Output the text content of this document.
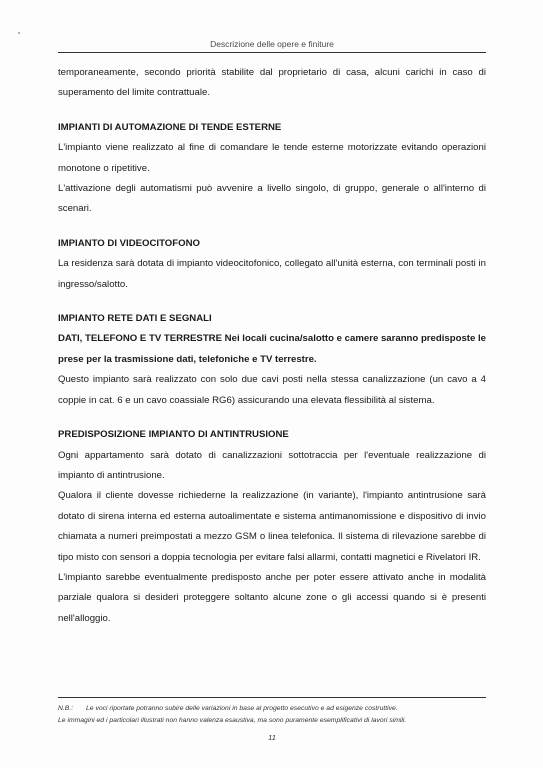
Descrizione delle opere e finiture

temporaneamente, secondo priorità stabilite dal proprietario di casa, alcuni carichi in caso di superamento del limite contrattuale.

IMPIANTI DI AUTOMAZIONE DI TENDE ESTERNE

L'impianto viene realizzato al fine di comandare le tende esterne motorizzate evitando operazioni monotone o ripetitive.

L'attivazione degli automatismi può avvenire a livello singolo, di gruppo, generale o all'interno di scenari.

IMPIANTO DI VIDEOCITOFONO

La residenza sarà dotata di impianto videocitofonico, collegato all'unità esterna, con terminali posti in ingresso/salotto.

IMPIANTO RETE DATI E SEGNALI

DATI, TELEFONO E TV TERRESTRE Nei locali cucina/salotto e camere saranno predisposte le prese per la trasmissione dati, telefoniche e TV terrestre.

Questo impianto sarà realizzato con solo due cavi posti nella stessa canalizzazione (un cavo a 4 coppie in cat. 6 e un cavo coassiale RG6) assicurando una elevata flessibilità al sistema.

PREDISPOSIZIONE IMPIANTO DI ANTINTRUSIONE

Ogni appartamento sarà dotato di canalizzazioni sottotraccia per l'eventuale realizzazione di impianto di antintrusione.

Qualora il cliente dovesse richiederne la realizzazione (in variante), l'impianto antintrusione sarà dotato di sirena interna ed esterna autoalimentate e sistema antimanomissione e dispositivo di invio chiamata a numeri preimpostati a mezzo GSM o linea telefonica. Il sistema di rilevazione sarebbe di tipo misto con sensori a doppia tecnologia per evitare falsi allarmi, contatti magnetici e Rivelatori IR.

L'impianto sarebbe eventualmente predisposto anche per poter essere attivato anche in modalità parziale qualora si desideri proteggere soltanto alcune zone o gli accessi quando si è presenti nell'alloggio.

N.B.: Le voci riportate potranno subire delle variazioni in base al progetto esecutivo e ad esigenze costruttive.
Le immagini ed i particolari illustrati non hanno valenza esaustiva, ma sono puramente esemplificativi di lavori simili.
11
